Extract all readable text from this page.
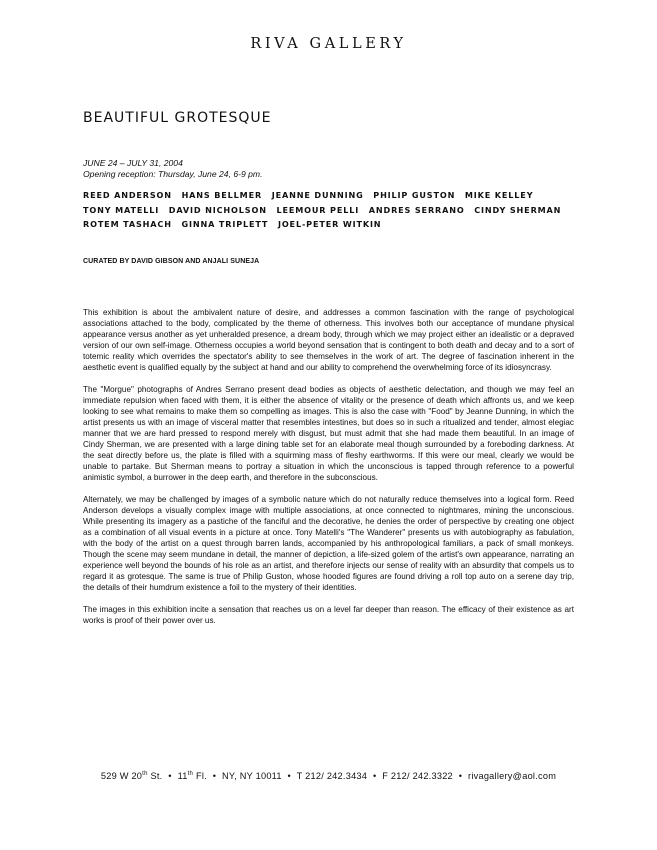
RIVA GALLERY
BEAUTIFUL GROTESQUE
JUNE 24 – JULY 31, 2004
Opening reception: Thursday, June 24, 6-9 pm.
REED ANDERSON HANS BELLMER JEANNE DUNNING PHILIP GUSTON MIKE KELLEY
TONY MATELLI DAVID NICHOLSON LEEMOUR PELLI ANDRES SERRANO CINDY SHERMAN
ROTEM TASHACH GINNA TRIPLETT JOEL-PETER WITKIN
CURATED BY DAVID GIBSON AND ANJALI SUNEJA

This exhibition is about the ambivalent nature of desire, and addresses a common fascination with the range of psychological associations attached to the body, complicated by the theme of otherness. This involves both our acceptance of mundane physical appearance versus another as yet unheralded presence, a dream body, through which we may project either an idealistic or a depraved version of our own self-image. Otherness occupies a world beyond sensation that is contingent to both death and decay and to a sort of totemic reality which overrides the spectator's ability to see themselves in the work of art. The degree of fascination inherent in the aesthetic event is qualified equally by the subject at hand and our ability to comprehend the overwhelming force of its idiosyncrasy.

The "Morgue" photographs of Andres Serrano present dead bodies as objects of aesthetic delectation, and though we may feel an immediate repulsion when faced with them, it is either the absence of vitality or the presence of death which affronts us, and we keep looking to see what remains to make them so compelling as images. This is also the case with "Food" by Jeanne Dunning, in which the artist presents us with an image of visceral matter that resembles intestines, but does so in such a ritualized and tender, almost elegiac manner that we are hard pressed to respond merely with disgust, but must admit that she had made them beautiful. In an image of Cindy Sherman, we are presented with a large dining table set for an elaborate meal though surrounded by a foreboding darkness. At the seat directly before us, the plate is filled with a squirming mass of fleshy earthworms. If this were our meal, clearly we would be unable to partake. But Sherman means to portray a situation in which the unconscious is tapped through reference to a powerful animistic symbol, a burrower in the deep earth, and therefore in the subconscious.

Alternately, we may be challenged by images of a symbolic nature which do not naturally reduce themselves into a logical form. Reed Anderson develops a visually complex image with multiple associations, at once connected to nightmares, mining the unconscious. While presenting its imagery as a pastiche of the fanciful and the decorative, he denies the order of perspective by creating one object as a combination of all visual events in a picture at once. Tony Matelli's "The Wanderer" presents us with autobiography as fabulation, with the body of the artist on a quest through barren lands, accompanied by his anthropological familiars, a pack of small monkeys. Though the scene may seem mundane in detail, the manner of depiction, a life-sized golem of the artist's own appearance, narrating an experience well beyond the bounds of his role as an artist, and therefore injects our sense of reality with an absurdity that compels us to regard it as grotesque. The same is true of Philip Guston, whose hooded figures are found driving a roll top auto on a serene day trip, the details of their humdrum existence a foil to the mystery of their identities.

The images in this exhibition incite a sensation that reaches us on a level far deeper than reason. The efficacy of their existence as art works is proof of their power over us.

529 W 20th St. • 11th Fl. • NY, NY 10011 • T 212/ 242.3434 • F 212/ 242.3322 • rivagallery@aol.com
